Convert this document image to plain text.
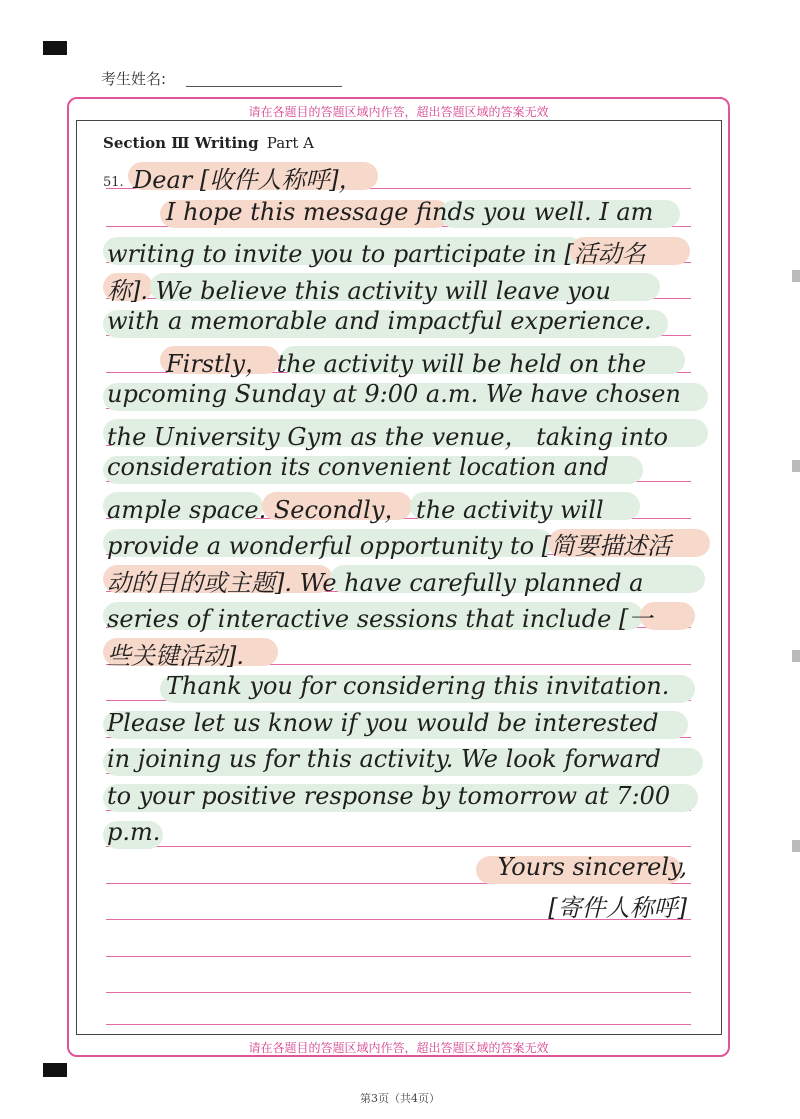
考生姓名:
请在各题目的答题区域内作答，超出答题区域的答案无效
Section Ⅲ Writing Part A
51. Dear [收件人称呼]，
I hope this message finds you well. I am
writing to invite you to participate in [活动名
称]. We believe this activity will leave you
with a memorable and impactful experience.
Firstly， the activity will be held on the
upcoming Sunday at 9:00 a.m. We have chosen
the University Gym as the venue， taking into
consideration its convenient location and
ample space. Secondly， the activity will
provide a wonderful opportunity to [简要描述活
动的目的或主题]. We have carefully planned a
series of interactive sessions that include [一
些关键活动].
Thank you for considering this invitation.
Please let us know if you would be interested
in joining us for this activity. We look forward
to your positive response by tomorrow at 7:00
p.m.
Yours sincerely,
[寄件人称呼]
请在各题目的答题区域内作答，超出答题区域的答案无效
第3页（共4页）
